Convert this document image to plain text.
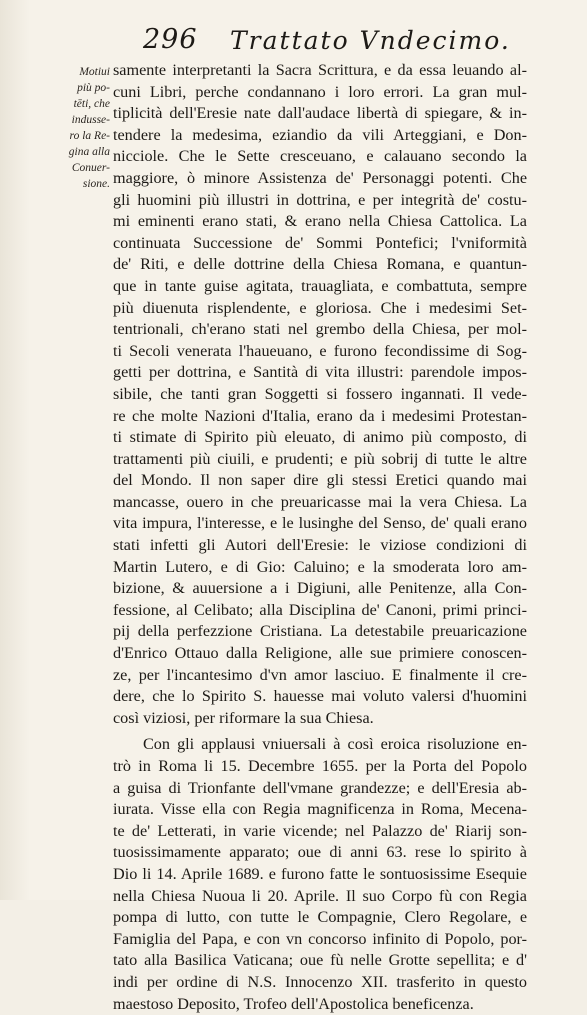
296 Trattato Vndecimo.
Motiui
più po-
tēti, che
indusse-
ro la Re-
gina alla
Conuer-
sione.
samente interpretanti la Sacra Scrittura, e da essa leuando al-
cuni Libri, perche condannano i loro errori. La gran mul-
tiplicità dell'Eresie nate dall'audace libertà di spiegare, & in-
tendere la medesima, eziandio da vili Arteggiani, e Don-
nicciole. Che le Sette cresceuano, e calauano secondo la
maggiore, ò minore Assistenza de' Personaggi potenti. Che
gli huomini più illustri in dottrina, e per integrità de' costu-
mi eminenti erano stati, & erano nella Chiesa Cattolica. La
continuata Successione de' Sommi Pontefici; l'vniformità
de' Riti, e delle dottrine della Chiesa Romana, e quantun-
que in tante guise agitata, trauagliata, e combattuta, sempre
più diuenuta risplendente, e gloriosa. Che i medesimi Set-
tentrionali, ch'erano stati nel grembo della Chiesa, per mol-
ti Secoli venerata l'haueuano, e furono fecondissime di Sog-
getti per dottrina, e Santità di vita illustri: parendole impos-
sibile, che tanti gran Soggetti si fossero ingannati. Il vede-
re che molte Nazioni d'Italia, erano da i medesimi Protestan-
ti stimate di Spirito più eleuato, di animo più composto, di
trattamenti più ciuili, e prudenti; e più sobrij di tutte le altre
del Mondo. Il non saper dire gli stessi Eretici quando mai
mancasse, ouero in che preuaricasse mai la vera Chiesa. La
vita impura, l'interesse, e le lusinghe del Senso, de' quali erano
stati infetti gli Autori dell'Eresie: le viziose condizioni di
Martin Lutero, e di Gio: Caluino; e la smoderata loro am-
bizione, & auuersione a i Digiuni, alle Penitenze, alla Con-
fessione, al Celibato; alla Disciplina de' Canoni, primi princi-
pij della perfezzione Cristiana. La detestabile preuaricazione
d'Enrico Ottauo dalla Religione, alle sue primiere conoscen-
ze, per l'incantesimo d'vn amor lasciuo. E finalmente il cre-
dere, che lo Spirito S. hauesse mai voluto valersi d'huomini
così viziosi, per riformare la sua Chiesa.
Con gli applausi vniuersali à così eroica risoluzione en-
trò in Roma li 15. Decembre 1655. per la Porta del Popolo
a guisa di Trionfante dell'vmane grandezze; e dell'Eresia ab-
iurata. Visse ella con Regia magnificenza in Roma, Mecena-
te de' Letterati, in varie vicende; nel Palazzo de' Riarij son-
tuosissimamente apparato; oue di anni 63. rese lo spirito à
Dio li 14. Aprile 1689. e furono fatte le sontuosissime Esequie
nella Chiesa Nuoua li 20. Aprile. Il suo Corpo fù con Regia
pompa di lutto, con tutte le Compagnie, Clero Regolare, e
Famiglia del Papa, e con vn concorso infinito di Popolo, por-
tato alla Basilica Vaticana; oue fù nelle Grotte sepellita; e d'
indi per ordine di N.S. Innocenzo XII. trasferito in questo
maestoso Deposito, Trofeo dell'Apostolica beneficenza.
